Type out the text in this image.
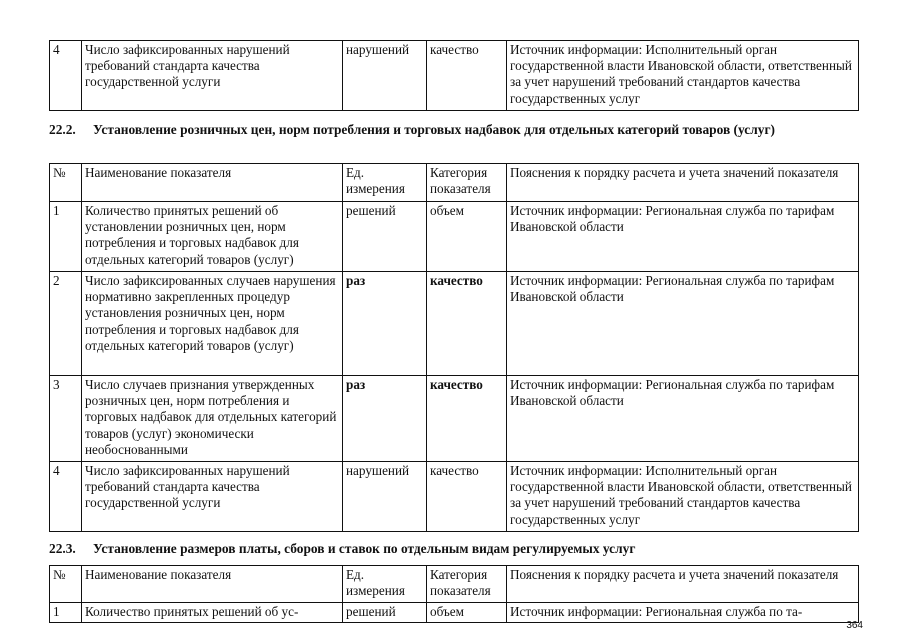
4	Число зафиксированных нарушений требований стандарта качества государственной услуги	нарушений	качество	Источник информации: Исполнительный орган государственной власти Ивановской области, ответственный за учет нарушений требований стандартов качества государственных услуг
22.2. Установление розничных цен, норм потребления и торговых надбавок для отдельных категорий товаров (услуг)
№	Наименование показателя	Ед. измерения	Категория показателя	Пояснения к порядку расчета и учета значений показателя
1	Количество принятых решений об установлении розничных цен, норм потребления и торговых надбавок для отдельных категорий товаров (услуг)	решений	объем	Источник информации: Региональная служба по тарифам Ивановской области
2	Число зафиксированных случаев нарушения нормативно закрепленных процедур установления розничных цен, норм потребления и торговых надбавок для отдельных категорий товаров (услуг)	раз	качество	Источник информации: Региональная служба по тарифам Ивановской области
3	Число случаев признания утвержденных розничных цен, норм потребления и торговых надбавок для отдельных категорий товаров (услуг) экономически необоснованными	раз	качество	Источник информации: Региональная служба по тарифам Ивановской области
4	Число зафиксированных нарушений требований стандарта качества государственной услуги	нарушений	качество	Источник информации: Исполнительный орган государственной власти Ивановской области, ответственный за учет нарушений требований стандартов качества государственных услуг
22.3. Установление размеров платы, сборов и ставок по отдельным видам регулируемых услуг
№	Наименование показателя	Ед. измерения	Категория показателя	Пояснения к порядку расчета и учета значений показателя
1	Количество принятых решений об ус-	решений	объем	Источник информации: Региональная служба по та-
364
